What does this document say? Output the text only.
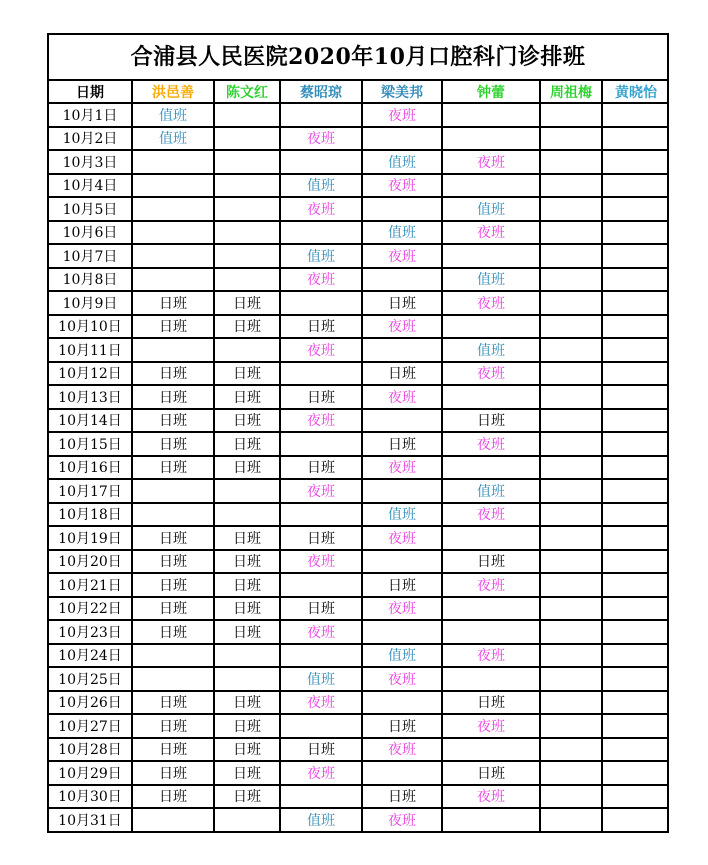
合浦县人民医院2020年10月口腔科门诊排班
日期	洪邑善	陈文红	蔡昭琼	梁美邦	钟蕾	周祖梅	黄晓怡
10月1日	值班			夜班			
10月2日	值班		夜班				
10月3日				值班	夜班		
10月4日			值班	夜班			
10月5日			夜班		值班		
10月6日				值班	夜班		
10月7日			值班	夜班			
10月8日			夜班		值班		
10月9日	日班	日班		日班	夜班		
10月10日	日班	日班	日班	夜班			
10月11日			夜班		值班		
10月12日	日班	日班		日班	夜班		
10月13日	日班	日班	日班	夜班			
10月14日	日班	日班	夜班		日班		
10月15日	日班	日班		日班	夜班		
10月16日	日班	日班	日班	夜班			
10月17日			夜班		值班		
10月18日				值班	夜班		
10月19日	日班	日班	日班	夜班			
10月20日	日班	日班	夜班		日班		
10月21日	日班	日班		日班	夜班		
10月22日	日班	日班	日班	夜班			
10月23日	日班	日班	夜班				
10月24日				值班	夜班		
10月25日			值班	夜班			
10月26日	日班	日班	夜班		日班		
10月27日	日班	日班		日班	夜班		
10月28日	日班	日班	日班	夜班			
10月29日	日班	日班	夜班		日班		
10月30日	日班	日班		日班	夜班		
10月31日			值班	夜班			
